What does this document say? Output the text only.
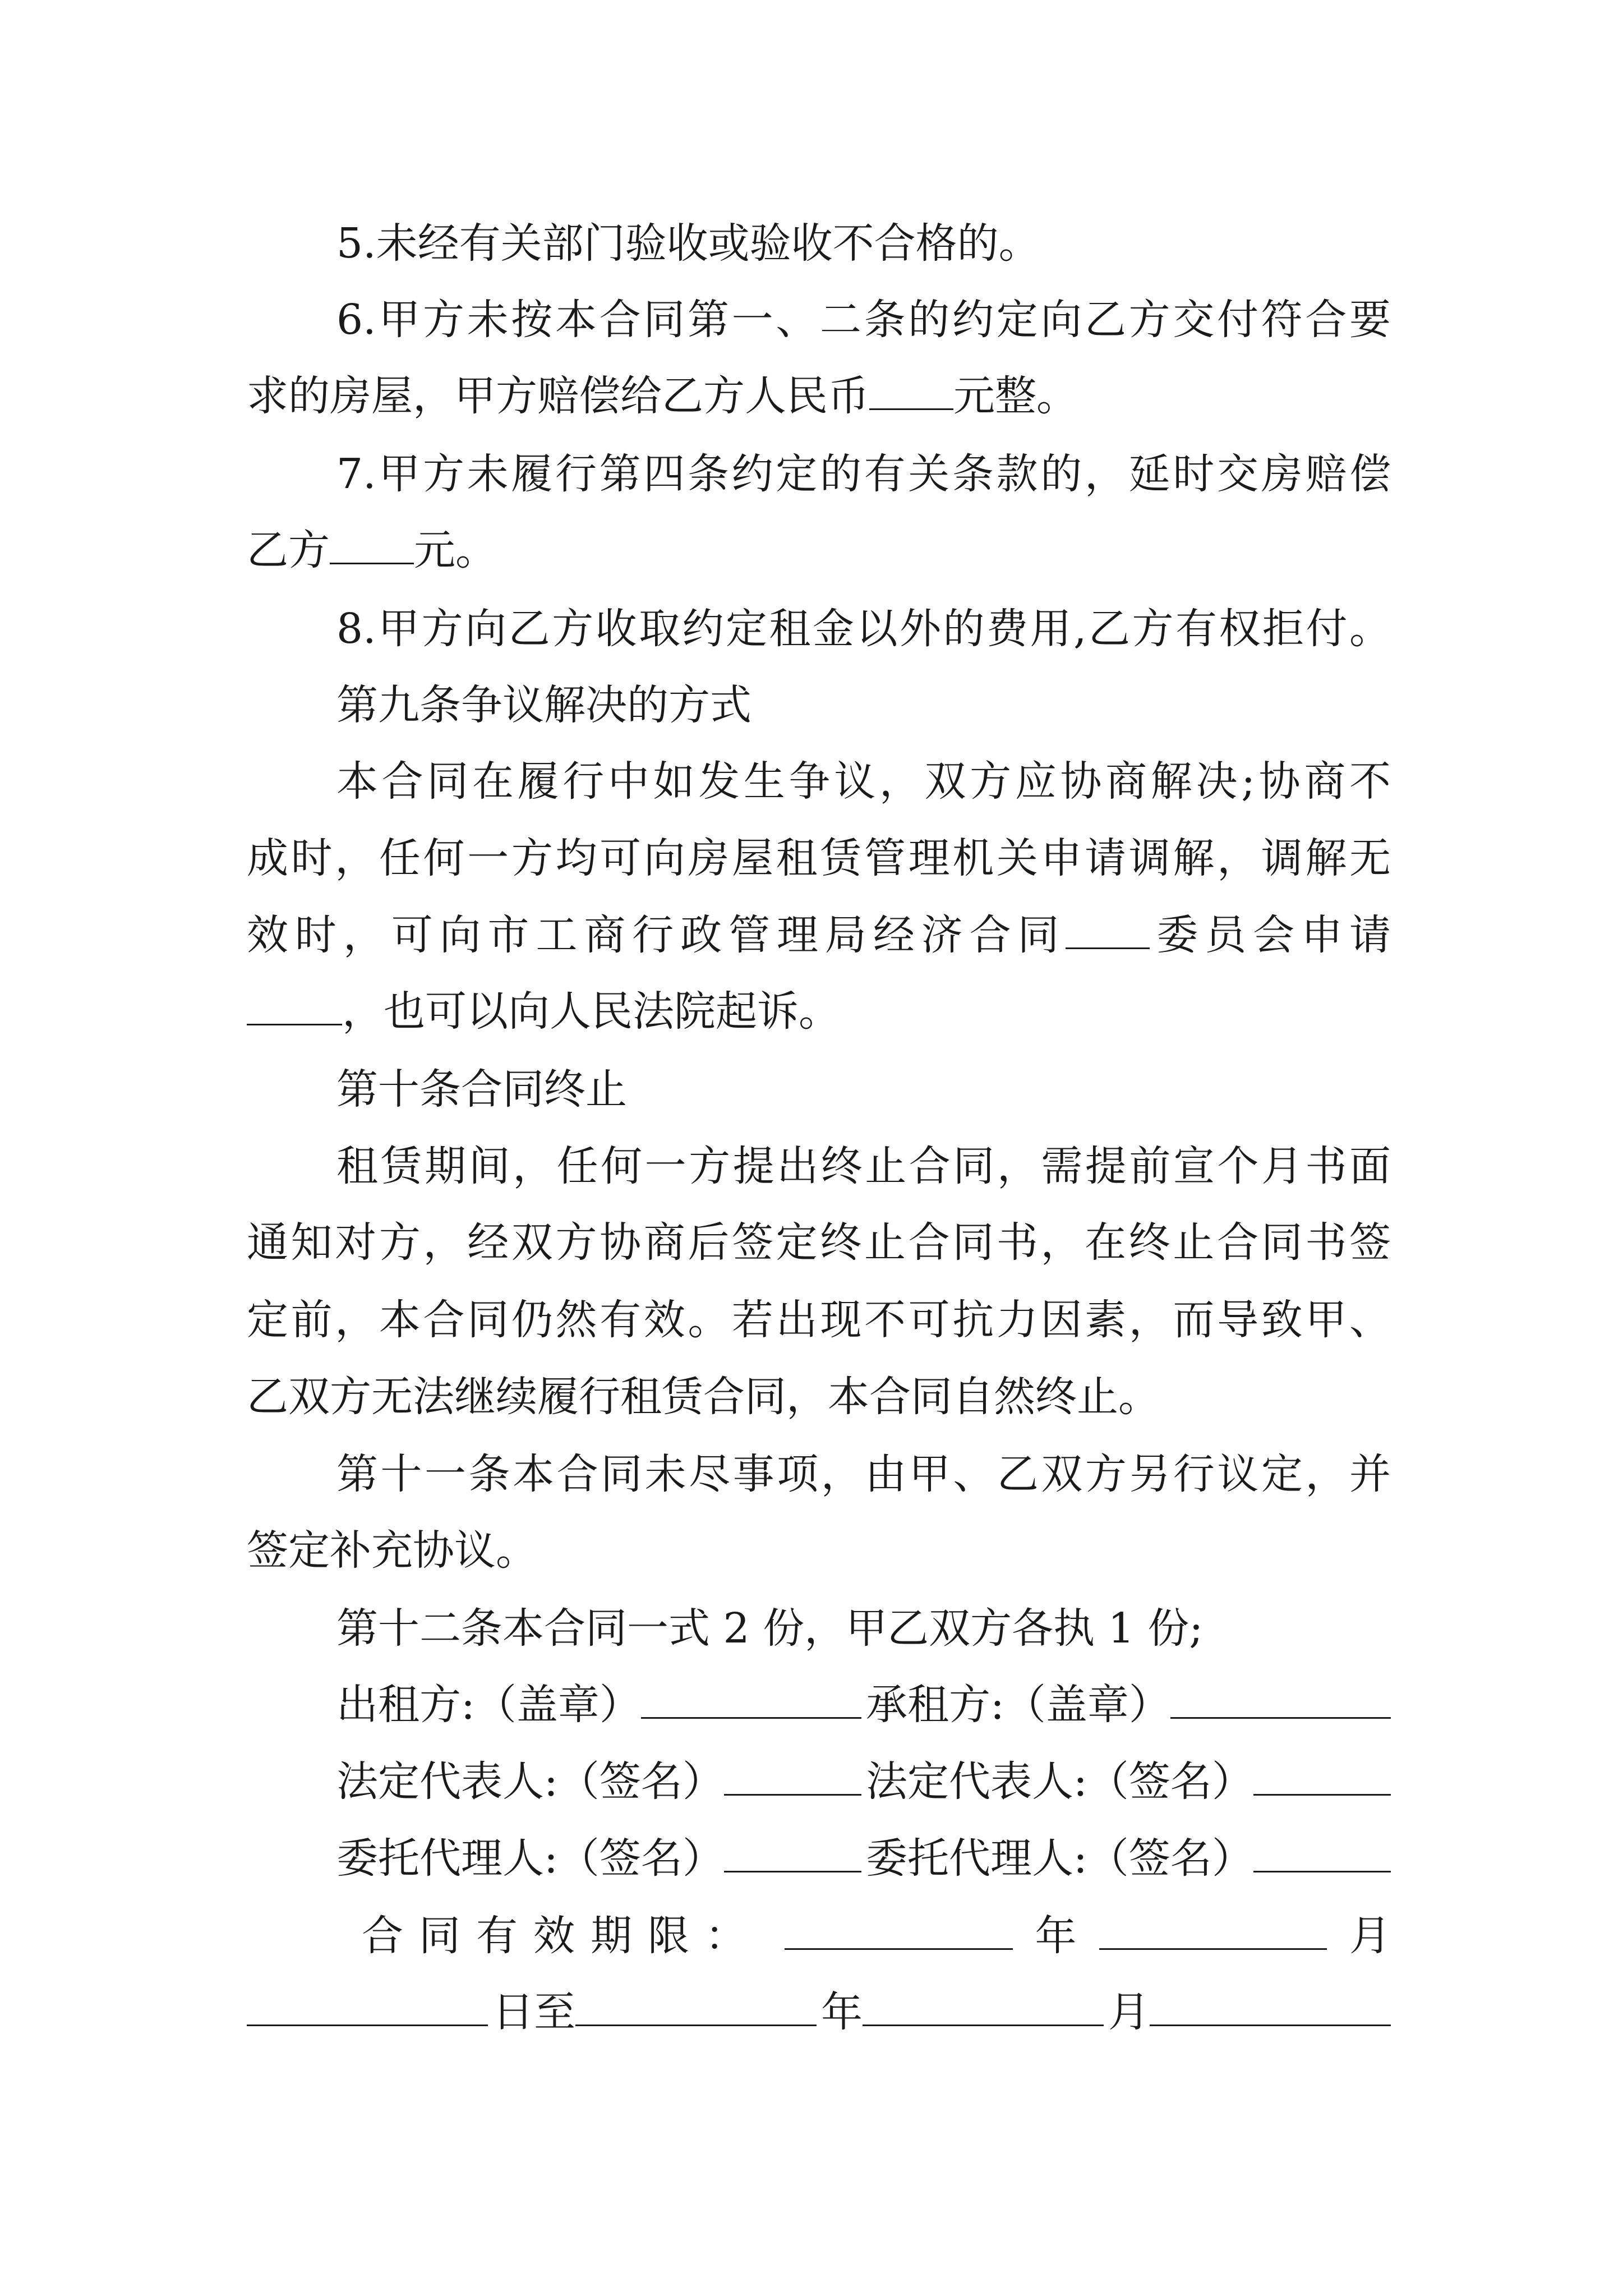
5.未经有关部门验收或验收不合格的。
6.甲方未按本合同第一、二条的约定向乙方交付符合要
求的房屋，甲方赔偿给乙方人民币 元整。
7.甲方未履行第四条约定的有关条款的，延时交房赔偿
乙方 元。
8.甲方向乙方收取约定租金以外的费用,乙方有权拒付。
第九条争议解决的方式
本合同在履行中如发生争议，双方应协商解决;协商不
成时，任何一方均可向房屋租赁管理机关申请调解，调解无
效时，可向市工商行政管理局经济合同 委员会申请
，也可以向人民法院起诉。
第十条合同终止
租赁期间，任何一方提出终止合同，需提前宣个月书面
通知对方，经双方协商后签定终止合同书，在终止合同书签
定前，本合同仍然有效。若出现不可抗力因素，而导致甲、
乙双方无法继续履行租赁合同，本合同自然终止。
第十一条本合同未尽事项，由甲、乙双方另行议定，并
签定补充协议。
第十二条本合同一式 2 份，甲乙双方各执 1 份;
出租方:（盖章）	承租方:（盖章）
法定代表人:（签名）	法定代表人:（签名）
委托代理人:（签名）	委托代理人:（签名）
合同有效期限：	年	月
日至	年	月
